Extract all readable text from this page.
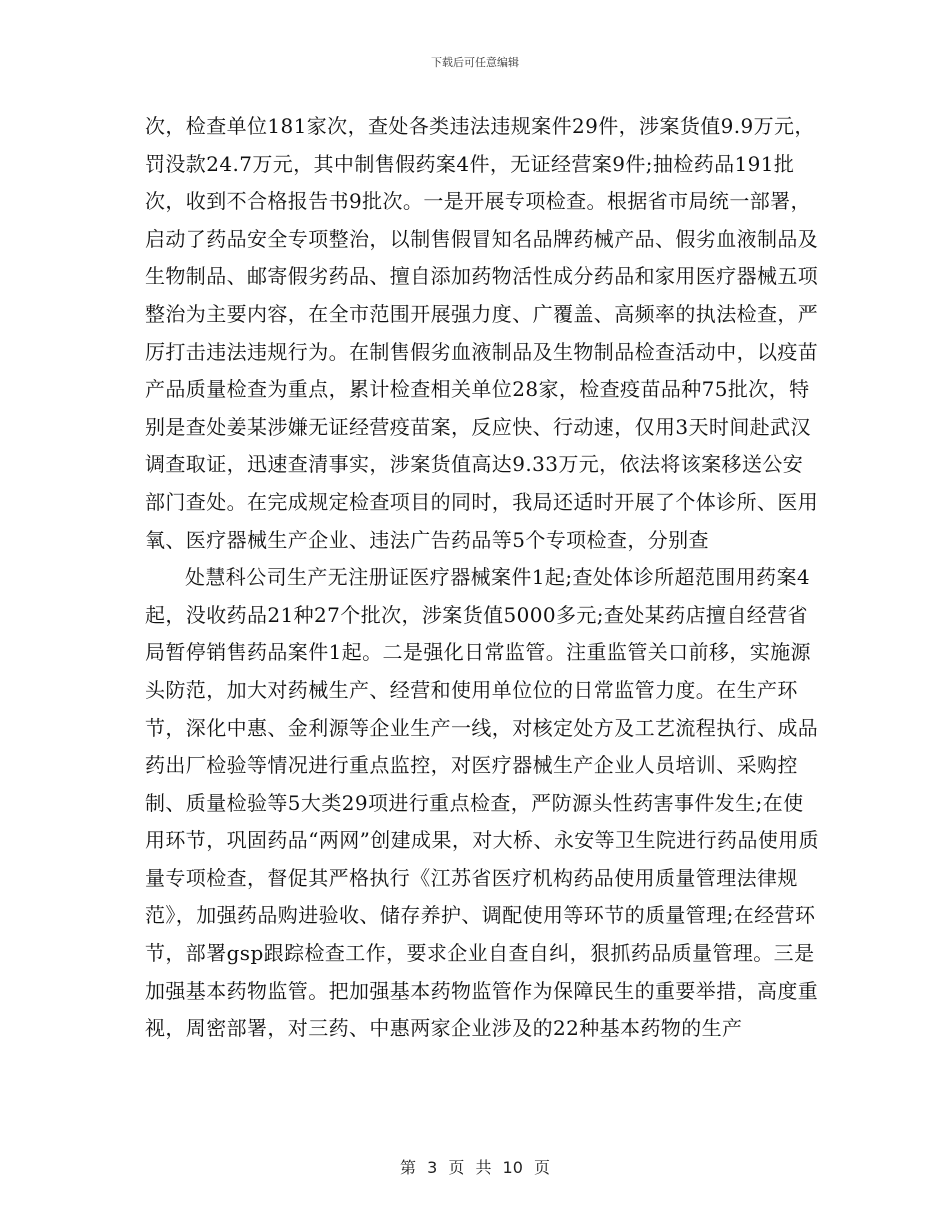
下载后可任意编辑

次，检查单位181家次，查处各类违法违规案件29件，涉案货值9.9万元，罚没款24.7万元，其中制售假药案4件，无证经营案9件;抽检药品191批次，收到不合格报告书9批次。一是开展专项检查。根据省市局统一部署，启动了药品安全专项整治，以制售假冒知名品牌药械产品、假劣血液制品及生物制品、邮寄假劣药品、擅自添加药物活性成分药品和家用医疗器械五项整治为主要内容，在全市范围开展强力度、广覆盖、高频率的执法检查，严厉打击违法违规行为。在制售假劣血液制品及生物制品检查活动中，以疫苗产品质量检查为重点，累计检查相关单位28家，检查疫苗品种75批次，特别是查处姜某涉嫌无证经营疫苗案，反应快、行动速，仅用3天时间赴武汉调查取证，迅速查清事实，涉案货值高达9.33万元，依法将该案移送公安部门查处。在完成规定检查项目的同时，我局还适时开展了个体诊所、医用氧、医疗器械生产企业、违法广告药品等5个专项检查，分别查

处慧科公司生产无注册证医疗器械案件1起;查处体诊所超范围用药案4起，没收药品21种27个批次，涉案货值5000多元;查处某药店擅自经营省局暂停销售药品案件1起。二是强化日常监管。注重监管关口前移，实施源头防范，加大对药械生产、经营和使用单位位的日常监管力度。在生产环节，深化中惠、金利源等企业生产一线，对核定处方及工艺流程执行、成品药出厂检验等情况进行重点监控，对医疗器械生产企业人员培训、采购控制、质量检验等5大类29项进行重点检查，严防源头性药害事件发生;在使用环节，巩固药品“两网”创建成果，对大桥、永安等卫生院进行药品使用质量专项检查，督促其严格执行《江苏省医疗机构药品使用质量管理法律规范》，加强药品购进验收、储存养护、调配使用等环节的质量管理;在经营环节，部署gsp跟踪检查工作，要求企业自查自纠，狠抓药品质量管理。三是加强基本药物监管。把加强基本药物监管作为保障民生的重要举措，高度重视，周密部署，对三药、中惠两家企业涉及的22种基本药物的生产

第 3 页 共 10 页
